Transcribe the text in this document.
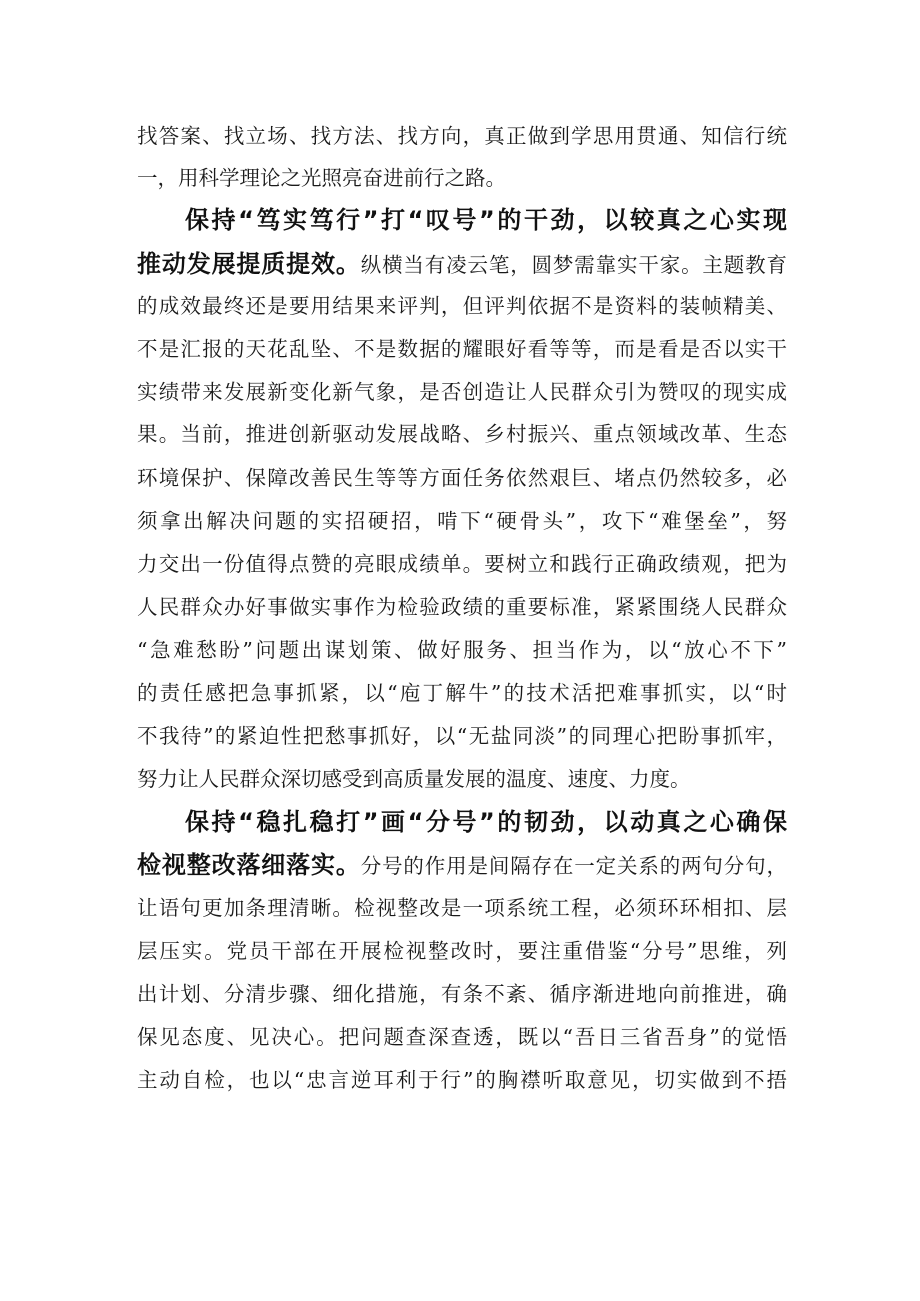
找答案、找立场、找方法、找方向，真正做到学思用贯通、知信行统
一，用科学理论之光照亮奋进前行之路。
保持“笃实笃行”打“叹号”的干劲，以较真之心实现
推动发展提质提效。纵横当有凌云笔，圆梦需靠实干家。主题教育
的成效最终还是要用结果来评判，但评判依据不是资料的装帧精美、
不是汇报的天花乱坠、不是数据的耀眼好看等等，而是看是否以实干
实绩带来发展新变化新气象，是否创造让人民群众引为赞叹的现实成
果。当前，推进创新驱动发展战略、乡村振兴、重点领域改革、生态
环境保护、保障改善民生等等方面任务依然艰巨、堵点仍然较多，必
须拿出解决问题的实招硬招，啃下“硬骨头”，攻下“难堡垒”，努
力交出一份值得点赞的亮眼成绩单。要树立和践行正确政绩观，把为
人民群众办好事做实事作为检验政绩的重要标准，紧紧围绕人民群众
“急难愁盼”问题出谋划策、做好服务、担当作为，以“放心不下”
的责任感把急事抓紧，以“庖丁解牛”的技术活把难事抓实，以“时
不我待”的紧迫性把愁事抓好，以“无盐同淡”的同理心把盼事抓牢，
努力让人民群众深切感受到高质量发展的温度、速度、力度。
保持“稳扎稳打”画“分号”的韧劲，以动真之心确保
检视整改落细落实。分号的作用是间隔存在一定关系的两句分句，
让语句更加条理清晰。检视整改是一项系统工程，必须环环相扣、层
层压实。党员干部在开展检视整改时，要注重借鉴“分号”思维，列
出计划、分清步骤、细化措施，有条不紊、循序渐进地向前推进，确
保见态度、见决心。把问题查深查透，既以“吾日三省吾身”的觉悟
主动自检，也以“忠言逆耳利于行”的胸襟听取意见，切实做到不捂
